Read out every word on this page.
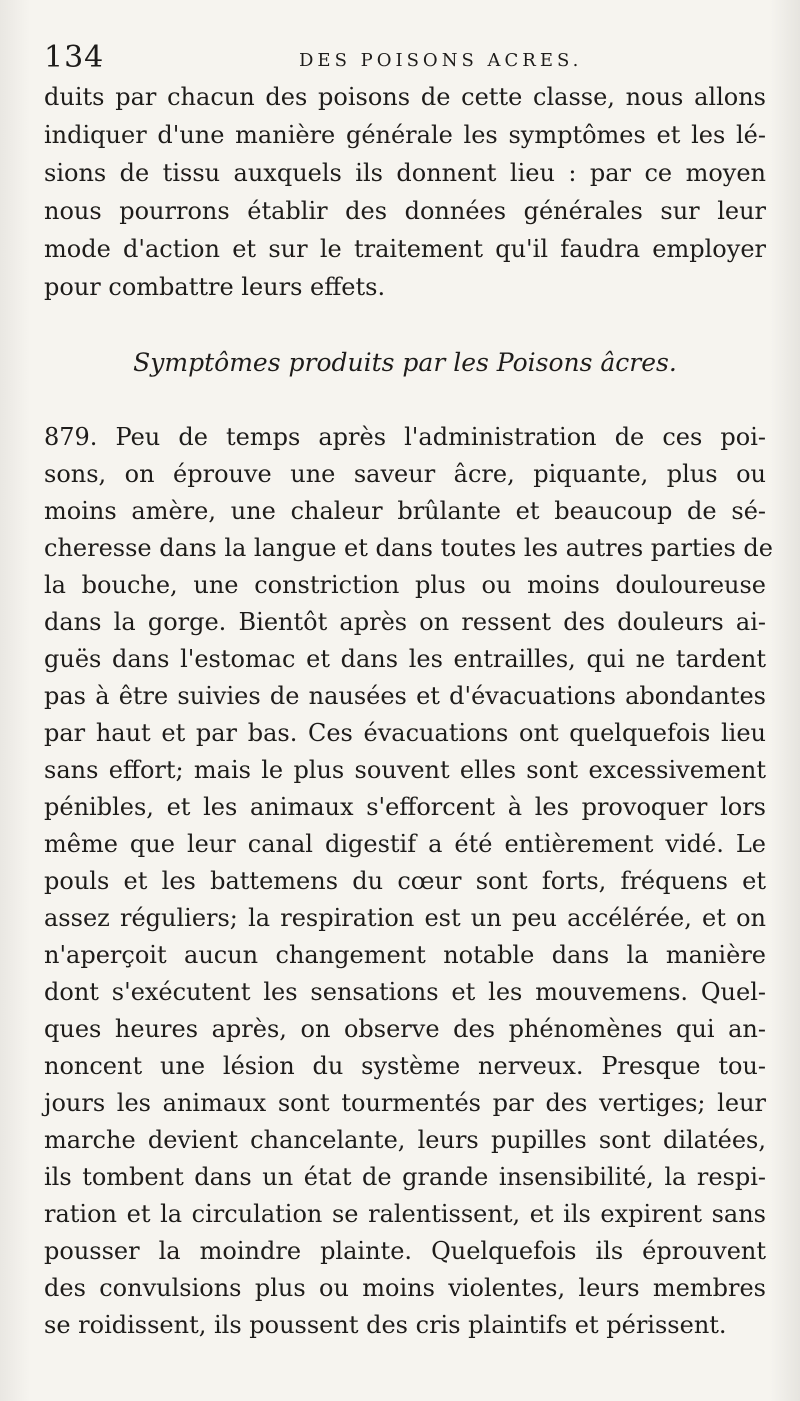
134	DES POISONS ACRES.
duits par chacun des poisons de cette classe, nous allons
indiquer d'une manière générale les symptômes et les lé-
sions de tissu auxquels ils donnent lieu : par ce moyen
nous pourrons établir des données générales sur leur
mode d'action et sur le traitement qu'il faudra employer
pour combattre leurs effets.
Symptômes produits par les Poisons âcres.
879. Peu de temps après l'administration de ces poi-
sons, on éprouve une saveur âcre, piquante, plus ou
moins amère, une chaleur brûlante et beaucoup de sé-
cheresse dans la langue et dans toutes les autres parties de
la bouche, une constriction plus ou moins douloureuse
dans la gorge. Bientôt après on ressent des douleurs ai-
guës dans l'estomac et dans les entrailles, qui ne tardent
pas à être suivies de nausées et d'évacuations abondantes
par haut et par bas. Ces évacuations ont quelquefois lieu
sans effort; mais le plus souvent elles sont excessivement
pénibles, et les animaux s'efforcent à les provoquer lors
même que leur canal digestif a été entièrement vidé. Le
pouls et les battemens du cœur sont forts, fréquens et
assez réguliers; la respiration est un peu accélérée, et on
n'aperçoit aucun changement notable dans la manière
dont s'exécutent les sensations et les mouvemens. Quel-
ques heures après, on observe des phénomènes qui an-
noncent une lésion du système nerveux. Presque tou-
jours les animaux sont tourmentés par des vertiges; leur
marche devient chancelante, leurs pupilles sont dilatées,
ils tombent dans un état de grande insensibilité, la respi-
ration et la circulation se ralentissent, et ils expirent sans
pousser la moindre plainte. Quelquefois ils éprouvent
des convulsions plus ou moins violentes, leurs membres
se roidissent, ils poussent des cris plaintifs et périssent.
